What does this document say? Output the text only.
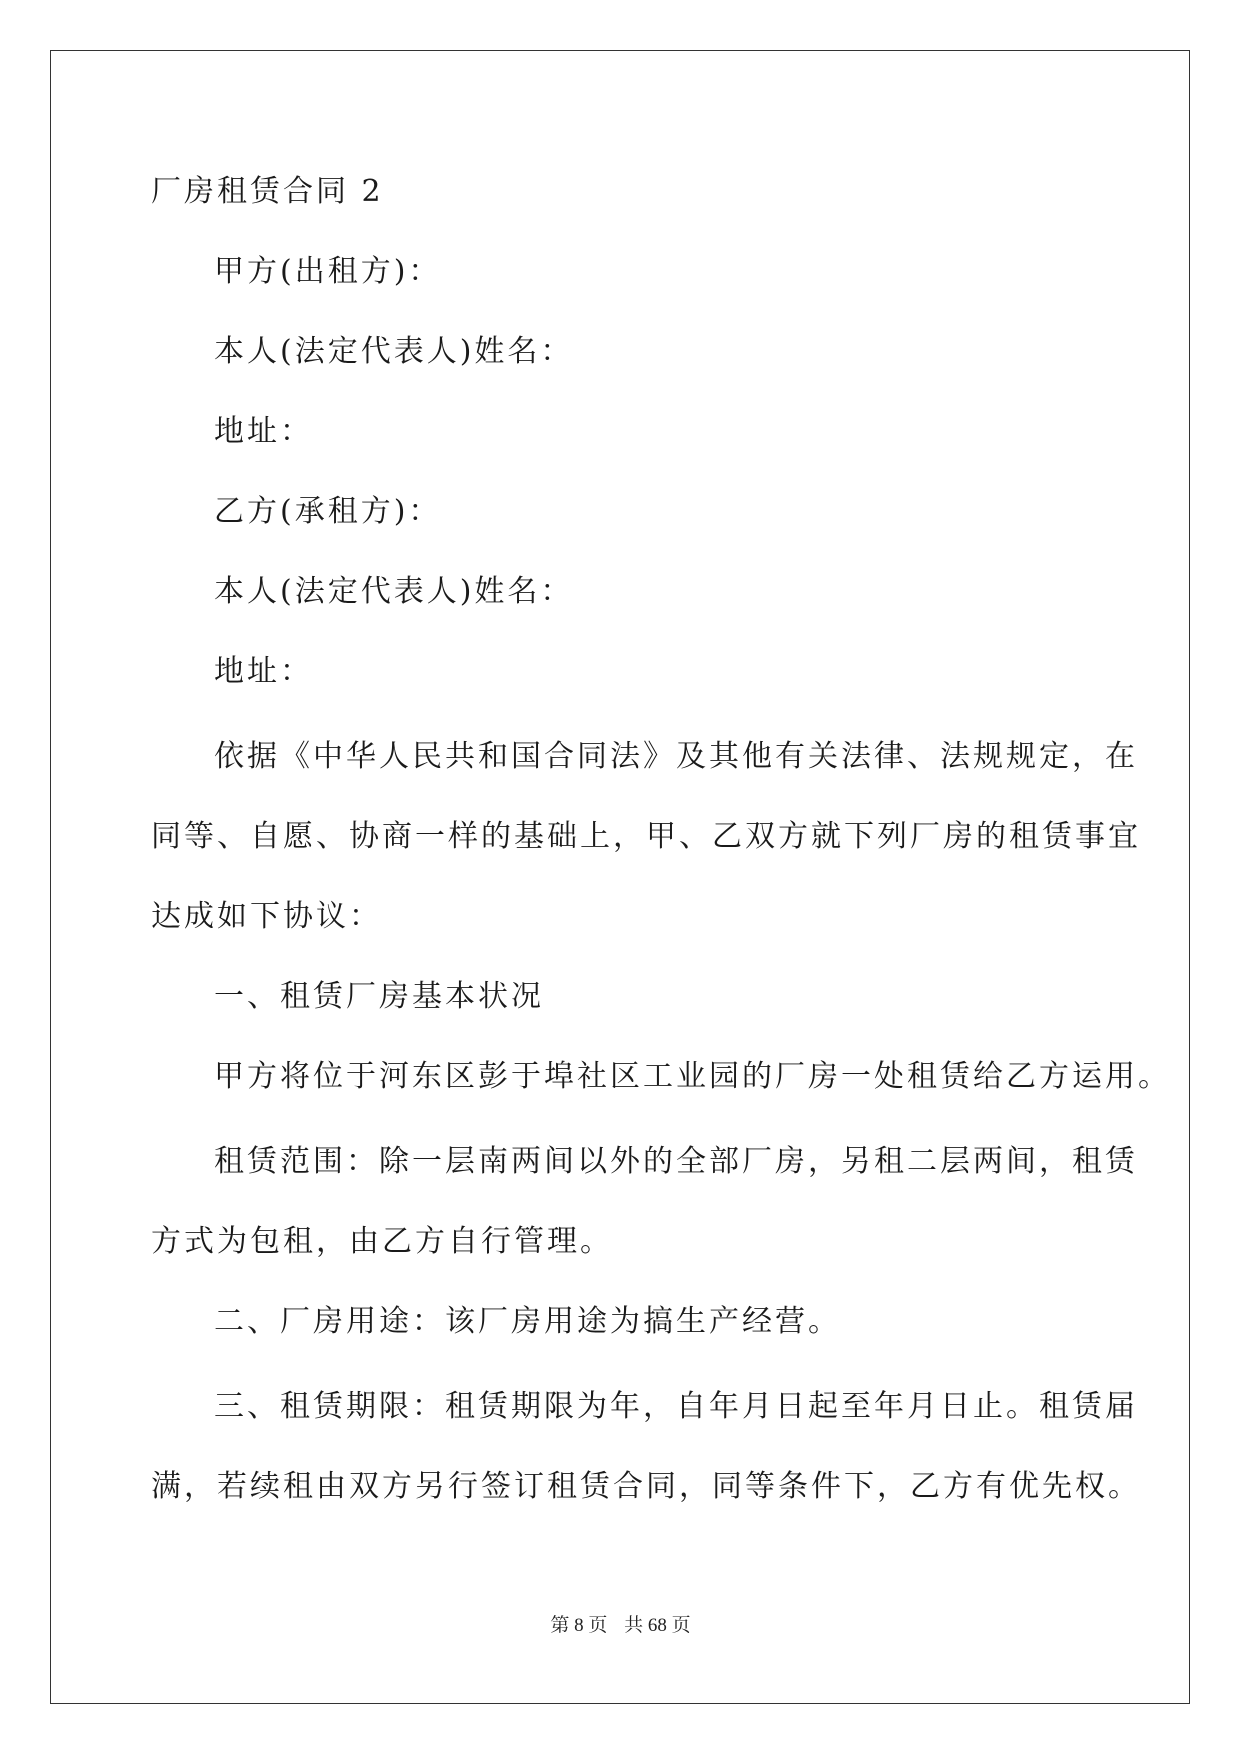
厂房租赁合同 2
甲方(出租方)：
本人(法定代表人)姓名：
地址：
乙方(承租方)：
本人(法定代表人)姓名：
地址：
依据《中华人民共和国合同法》及其他有关法律、法规规定，在
同等、自愿、协商一样的基础上，甲、乙双方就下列厂房的租赁事宜
达成如下协议：
一、租赁厂房基本状况
甲方将位于河东区彭于埠社区工业园的厂房一处租赁给乙方运用。
租赁范围：除一层南两间以外的全部厂房，另租二层两间，租赁
方式为包租，由乙方自行管理。
二、厂房用途：该厂房用途为搞生产经营。
三、租赁期限：租赁期限为年，自年月日起至年月日止。租赁届
满，若续租由双方另行签订租赁合同，同等条件下，乙方有优先权。
第 8 页 共 68 页
